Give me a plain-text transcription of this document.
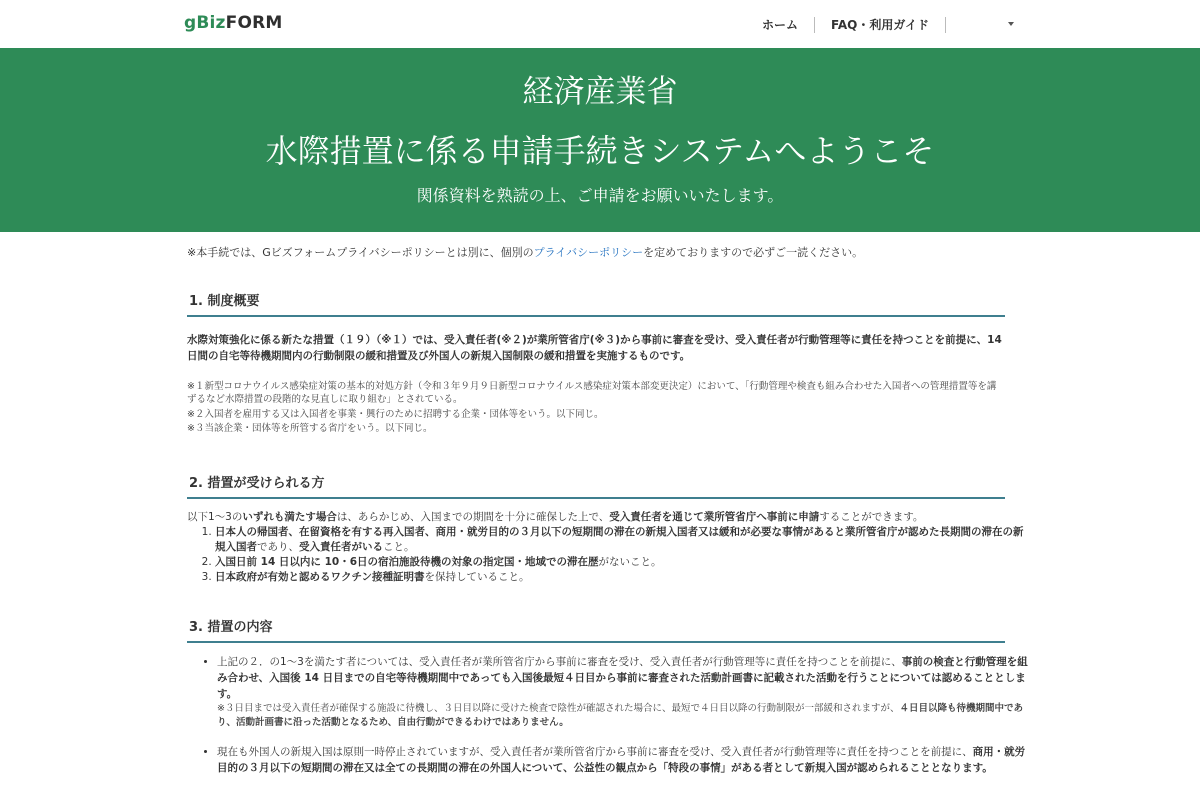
gBizFORM	ホーム	FAQ・利用ガイド
経済産業省
水際措置に係る申請手続きシステムへようこそ
関係資料を熟読の上、ご申請をお願いいたします。
※本手続では、Gビズフォームプライバシーポリシーとは別に、個別のプライバシーポリシーを定めておりますので必ずご一読ください。
1. 制度概要
水際対策強化に係る新たな措置（１９）（※１）では、受入責任者(※２)が業所管省庁(※３)から事前に審査を受け、受入責任者が行動管理等に責任を持つことを前提に、14日間の自宅等待機期間内の行動制限の緩和措置及び外国人の新規入国制限の緩和措置を実施するものです。
※１新型コロナウイルス感染症対策の基本的対処方針（令和３年９月９日新型コロナウイルス感染症対策本部変更決定）において、「行動管理や検査も組み合わせた入国者への管理措置等を講ずるなど水際措置の段階的な見直しに取り組む」とされている。
※２入国者を雇用する又は入国者を事業・興行のために招聘する企業・団体等をいう。以下同じ。
※３当該企業・団体等を所管する省庁をいう。以下同じ。
2. 措置が受けられる方
以下1～3のいずれも満たす場合は、あらかじめ、入国までの期間を十分に確保した上で、受入責任者を通じて業所管省庁へ事前に申請することができます。
1. 日本人の帰国者、在留資格を有する再入国者、商用・就労目的の３月以下の短期間の滞在の新規入国者又は緩和が必要な事情があると業所管省庁が認めた長期間の滞在の新規入国者であり、受入責任者がいること。
2. 入国日前 14 日以内に 10・6日の宿泊施設待機の対象の指定国・地域での滞在歴がないこと。
3. 日本政府が有効と認めるワクチン接種証明書を保持していること。
3. 措置の内容
• 上記の２．の1～3を満たす者については、受入責任者が業所管省庁から事前に審査を受け、受入責任者が行動管理等に責任を持つことを前提に、事前の検査と行動管理を組み合わせ、入国後 14 日目までの自宅等待機期間中であっても入国後最短４日目から事前に審査された活動計画書に記載された活動を行うことについては認めることとします。
※３日目までは受入責任者が確保する施設に待機し、３日目以降に受けた検査で陰性が確認された場合に、最短で４日目以降の行動制限が一部緩和されますが、４日目以降も待機期間中であり、活動計画書に沿った活動となるため、自由行動ができるわけではありません。
• 現在も外国人の新規入国は原則一時停止されていますが、受入責任者が業所管省庁から事前に審査を受け、受入責任者が行動管理等に責任を持つことを前提に、商用・就労目的の３月以下の短期間の滞在又は全ての長期間の滞在の外国人について、公益性の観点から「特段の事情」がある者として新規入国が認められることとなります。
